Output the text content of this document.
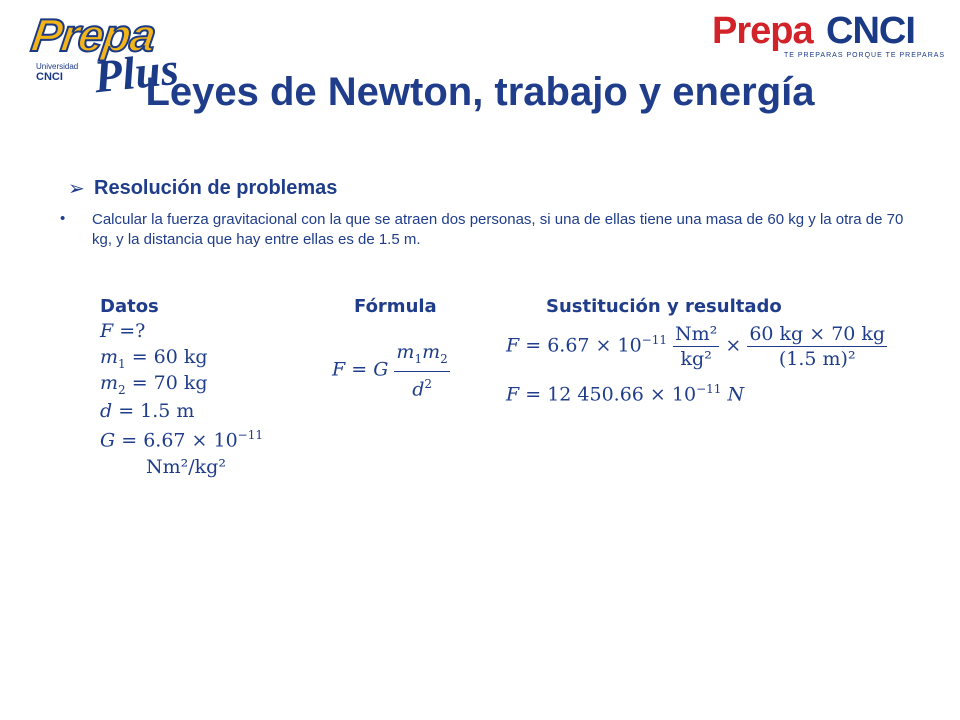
Prepa
Universidad
CNCI Plus
Prepa CNCI
TE PREPARAS PORQUE TE PREPARAS
Leyes de Newton, trabajo y energía
➢ Resolución de problemas
•	Calcular la fuerza gravitacional con la que se atraen dos personas, si una de ellas tiene una masa de 60 kg y la otra de 70 kg, y la distancia que hay entre ellas es de 1.5 m.
Datos
F =?
$m_1 = 60$ kg
$m_2 = 70$ kg
d = 1.5 m
$G = 6.67 \times 10^{-11}$
Nm²/kg²
Fórmula
F = G $\frac{m_1m_2}{d^2}$
Sustitución y resultado
$F = 6.67 \times 10^{-11} \frac{\text{Nm²}}{\text{kg²}} \times \frac{60 kg \times 70 kg}{\text{(1.5 m)²}}$
F = 12 $450.66 \times 10^{-11}$ N
